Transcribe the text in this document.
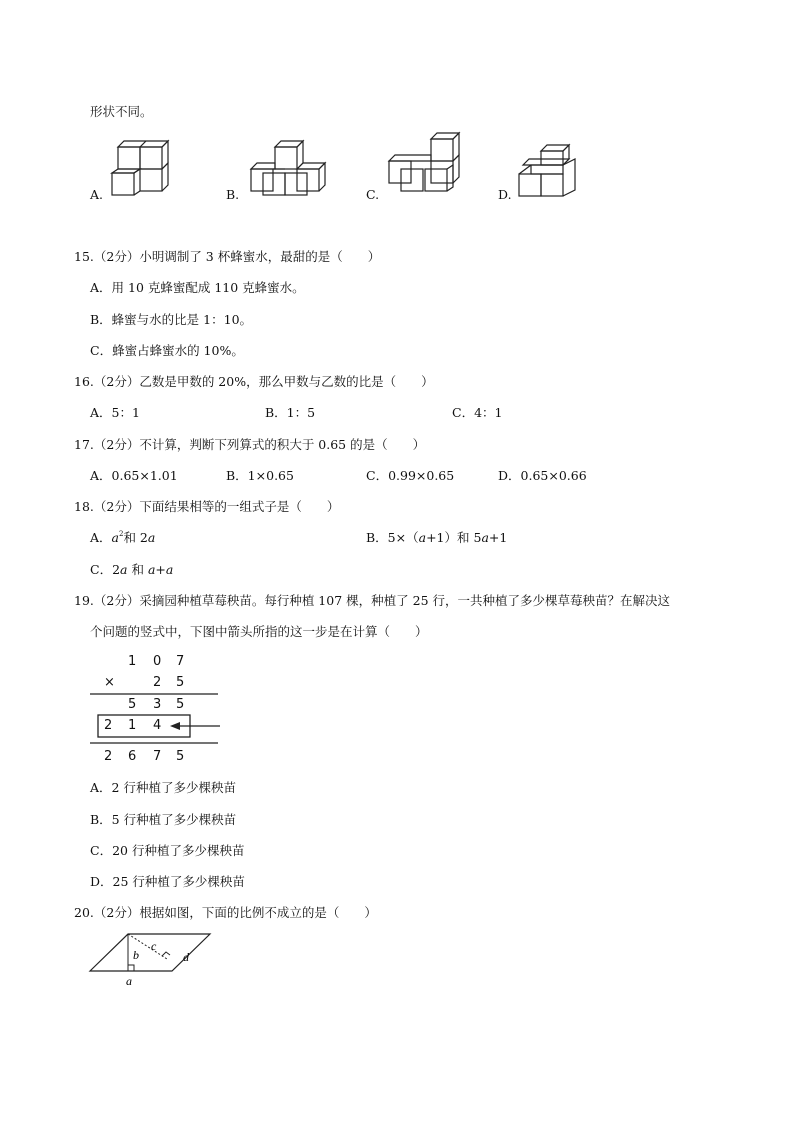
形状不同。
A.	B.	C.	D.
15.（2分）小明调制了 3 杯蜂蜜水，最甜的是（　　）
A．用 10 克蜂蜜配成 110 克蜂蜜水。
B．蜂蜜与水的比是 1：10。
C．蜂蜜占蜂蜜水的 10%。
16.（2分）乙数是甲数的 20%，那么甲数与乙数的比是（　　）
A．5：1	B．1：5	C．4：1
17.（2分）不计算，判断下列算式的积大于 0.65 的是（　　）
A．0.65×1.01	B．1×0.65	C．0.99×0.65	D．0.65×0.66
18.（2分）下面结果相等的一组式子是（　　）
A．$a^2$和 2a	B．5×（a+1）和 5a+1
C．2a 和 a+a
19.（2分）采摘园种植草莓秧苗。每行种植 107 棵，种植了 25 行，一共种植了多少棵草莓秧苗？在解决这
个问题的竖式中，下图中箭头所指的这一步是在计算（　　）
1 0 7
×	2 5
5 3 5
2 1 4
2 6 7 5
A．2 行种植了多少棵秧苗
B．5 行种植了多少棵秧苗
C．20 行种植了多少棵秧苗
D．25 行种植了多少棵秧苗
20.（2分）根据如图，下面的比例不成立的是（　　）
b
c
d
a
